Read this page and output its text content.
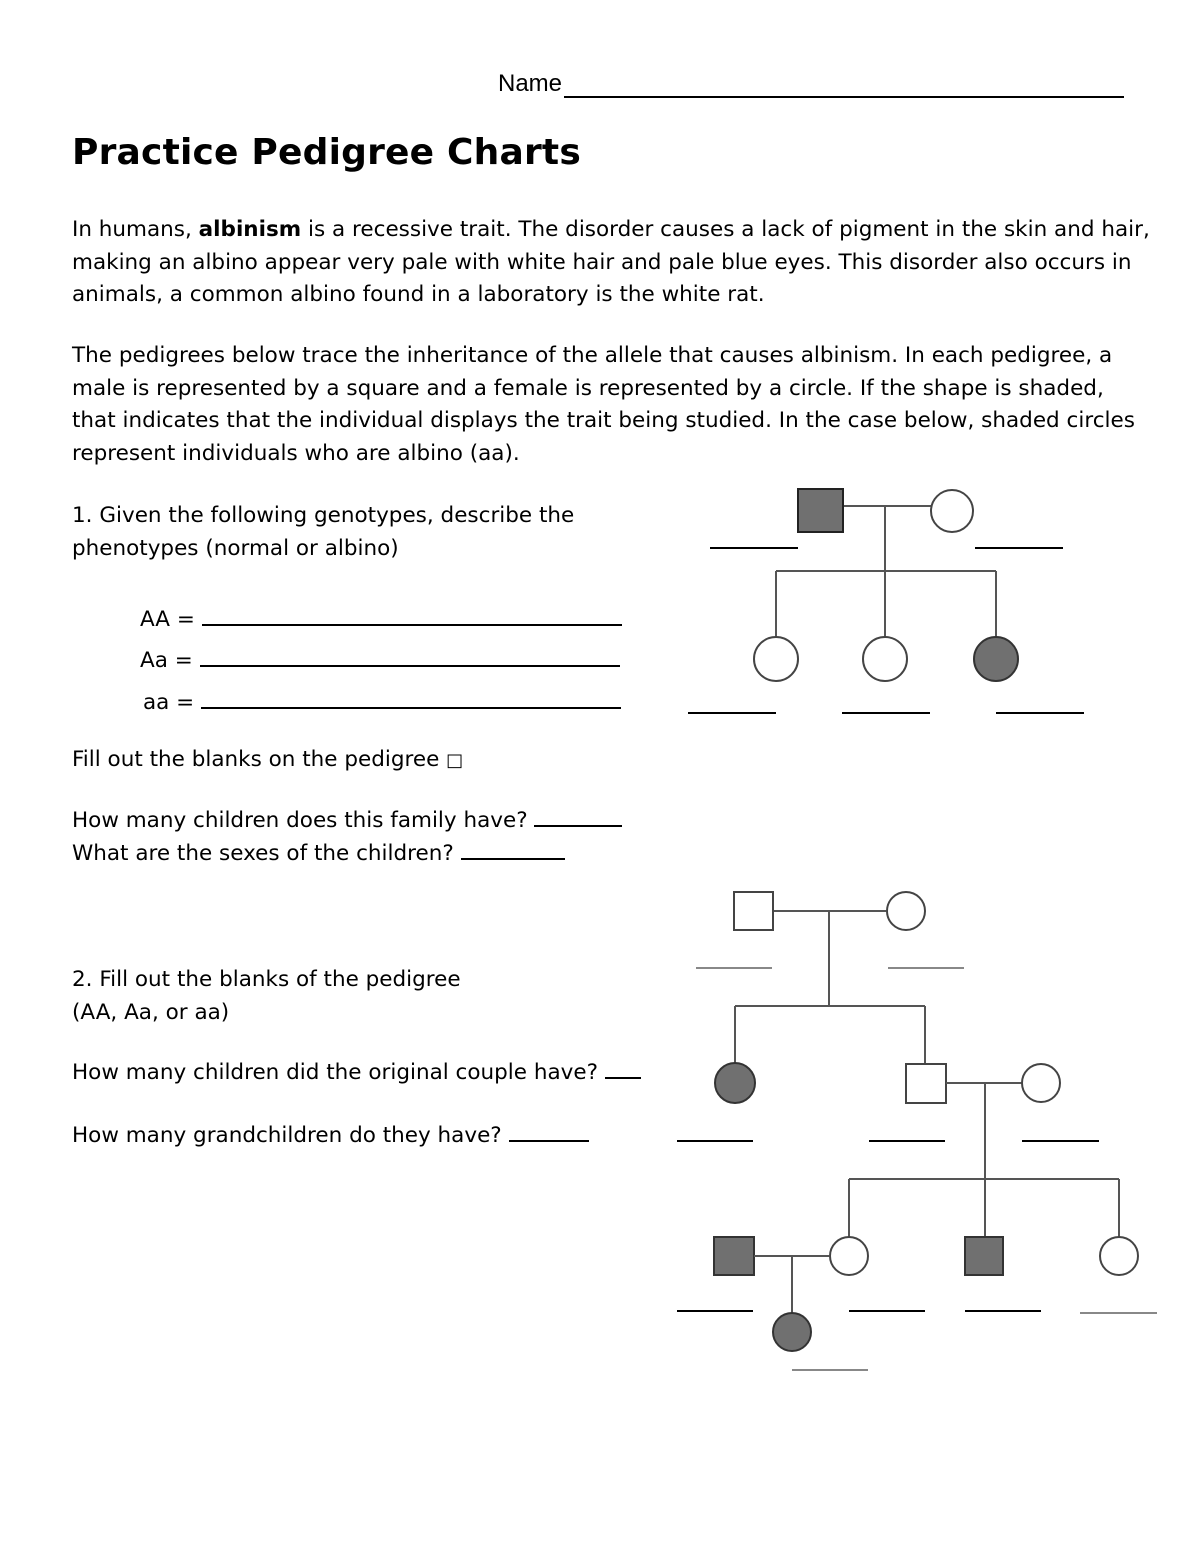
Name
Practice Pedigree Charts
In humans, albinism is a recessive trait. The disorder causes a lack of pigment in the skin and hair, making an albino appear very pale with white hair and pale blue eyes. This disorder also occurs in animals, a common albino found in a laboratory is the white rat.
The pedigrees below trace the inheritance of the allele that causes albinism. In each pedigree, a male is represented by a square and a female is represented by a circle. If the shape is shaded, that indicates that the individual displays the trait being studied. In the case below, shaded circles represent individuals who are albino (aa).
1. Given the following genotypes, describe the
phenotypes (normal or albino)
AA =
Aa =
aa =
Fill out the blanks on the pedigree □
How many children does this family have?
What are the sexes of the children?
2. Fill out the blanks of the pedigree
(AA, Aa, or aa)
How many children did the original couple have?
How many grandchildren do they have?
